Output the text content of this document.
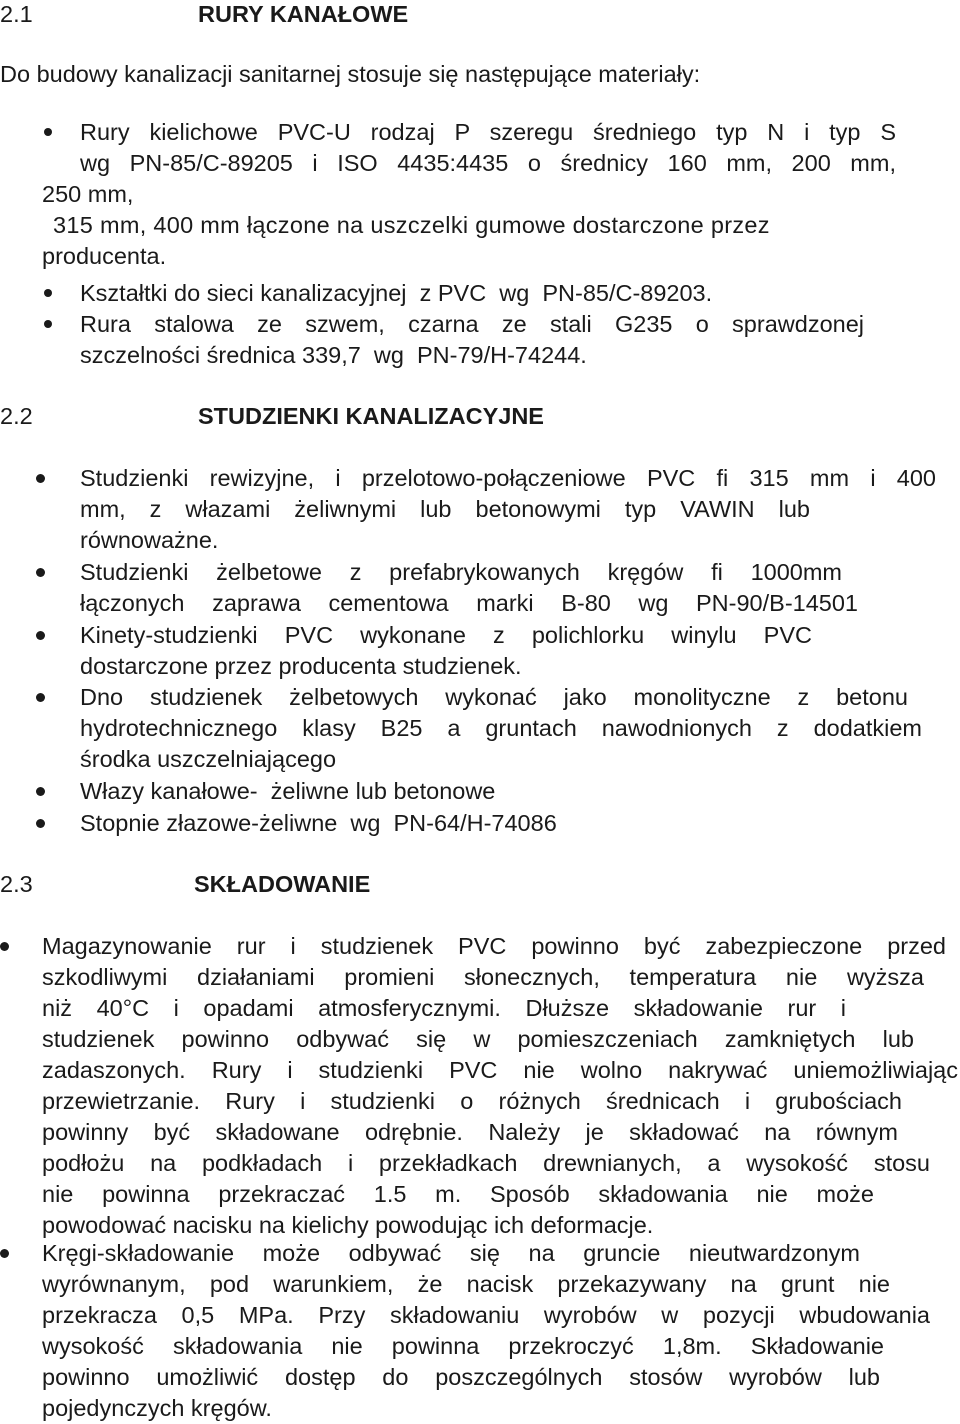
2.1	RURY KANAŁOWE
Do budowy kanalizacji sanitarnej stosuje się następujące materiały:
Rury kielichowe PVC-U rodzaj P szeregu średniego typ N i typ S
wg PN-85/C-89205 i ISO 4435:4435 o średnicy 160 mm, 200 mm,
250 mm,
315 mm, 400 mm łączone na uszczelki gumowe dostarczone przez
producenta.
Kształtki do sieci kanalizacyjnej  z PVC  wg  PN-85/C-89203.
Rura stalowa ze szwem, czarna ze stali G235 o sprawdzonej
szczelności średnica 339,7  wg  PN-79/H-74244.
2.2	STUDZIENKI KANALIZACYJNE
Studzienki rewizyjne, i przelotowo-połączeniowe PVC fi 315 mm i 400
mm, z włazami żeliwnymi lub betonowymi typ VAWIN lub
równoważne.
Studzienki żelbetowe z prefabrykowanych kręgów fi 1000mm
łączonych zaprawa cementowa marki B-80 wg PN-90/B-14501
Kinety-studzienki PVC wykonane z polichlorku winylu PVC
dostarczone przez producenta studzienek.
Dno studzienek żelbetowych wykonać jako monolityczne z betonu
hydrotechnicznego klasy B25 a gruntach nawodnionych z dodatkiem
środka uszczelniającego
Włazy kanałowe-  żeliwne lub betonowe
Stopnie złazowe-żeliwne  wg  PN-64/H-74086
2.3	SKŁADOWANIE
Magazynowanie rur i studzienek PVC powinno być zabezpieczone przed
szkodliwymi działaniami promieni słonecznych, temperatura nie wyższa
niż 40°C i opadami atmosferycznymi. Dłuższe składowanie rur i
studzienek powinno odbywać się w pomieszczeniach zamkniętych lub
zadaszonych. Rury i studzienki PVC nie wolno nakrywać uniemożliwiając
przewietrzanie. Rury i studzienki o różnych średnicach i grubościach
powinny być składowane odrębnie. Należy je składować na równym
podłożu na podkładach i przekładkach drewnianych, a wysokość stosu
nie powinna przekraczać 1.5 m. Sposób składowania nie może
powodować nacisku na kielichy powodując ich deformacje.
Kręgi-składowanie może odbywać się na gruncie nieutwardzonym
wyrównanym, pod warunkiem, że nacisk przekazywany na grunt nie
przekracza 0,5 MPa. Przy składowaniu wyrobów w pozycji wbudowania
wysokość składowania nie powinna przekroczyć 1,8m. Składowanie
powinno umożliwić dostęp do poszczególnych stosów wyrobów lub
pojedynczych kręgów.
